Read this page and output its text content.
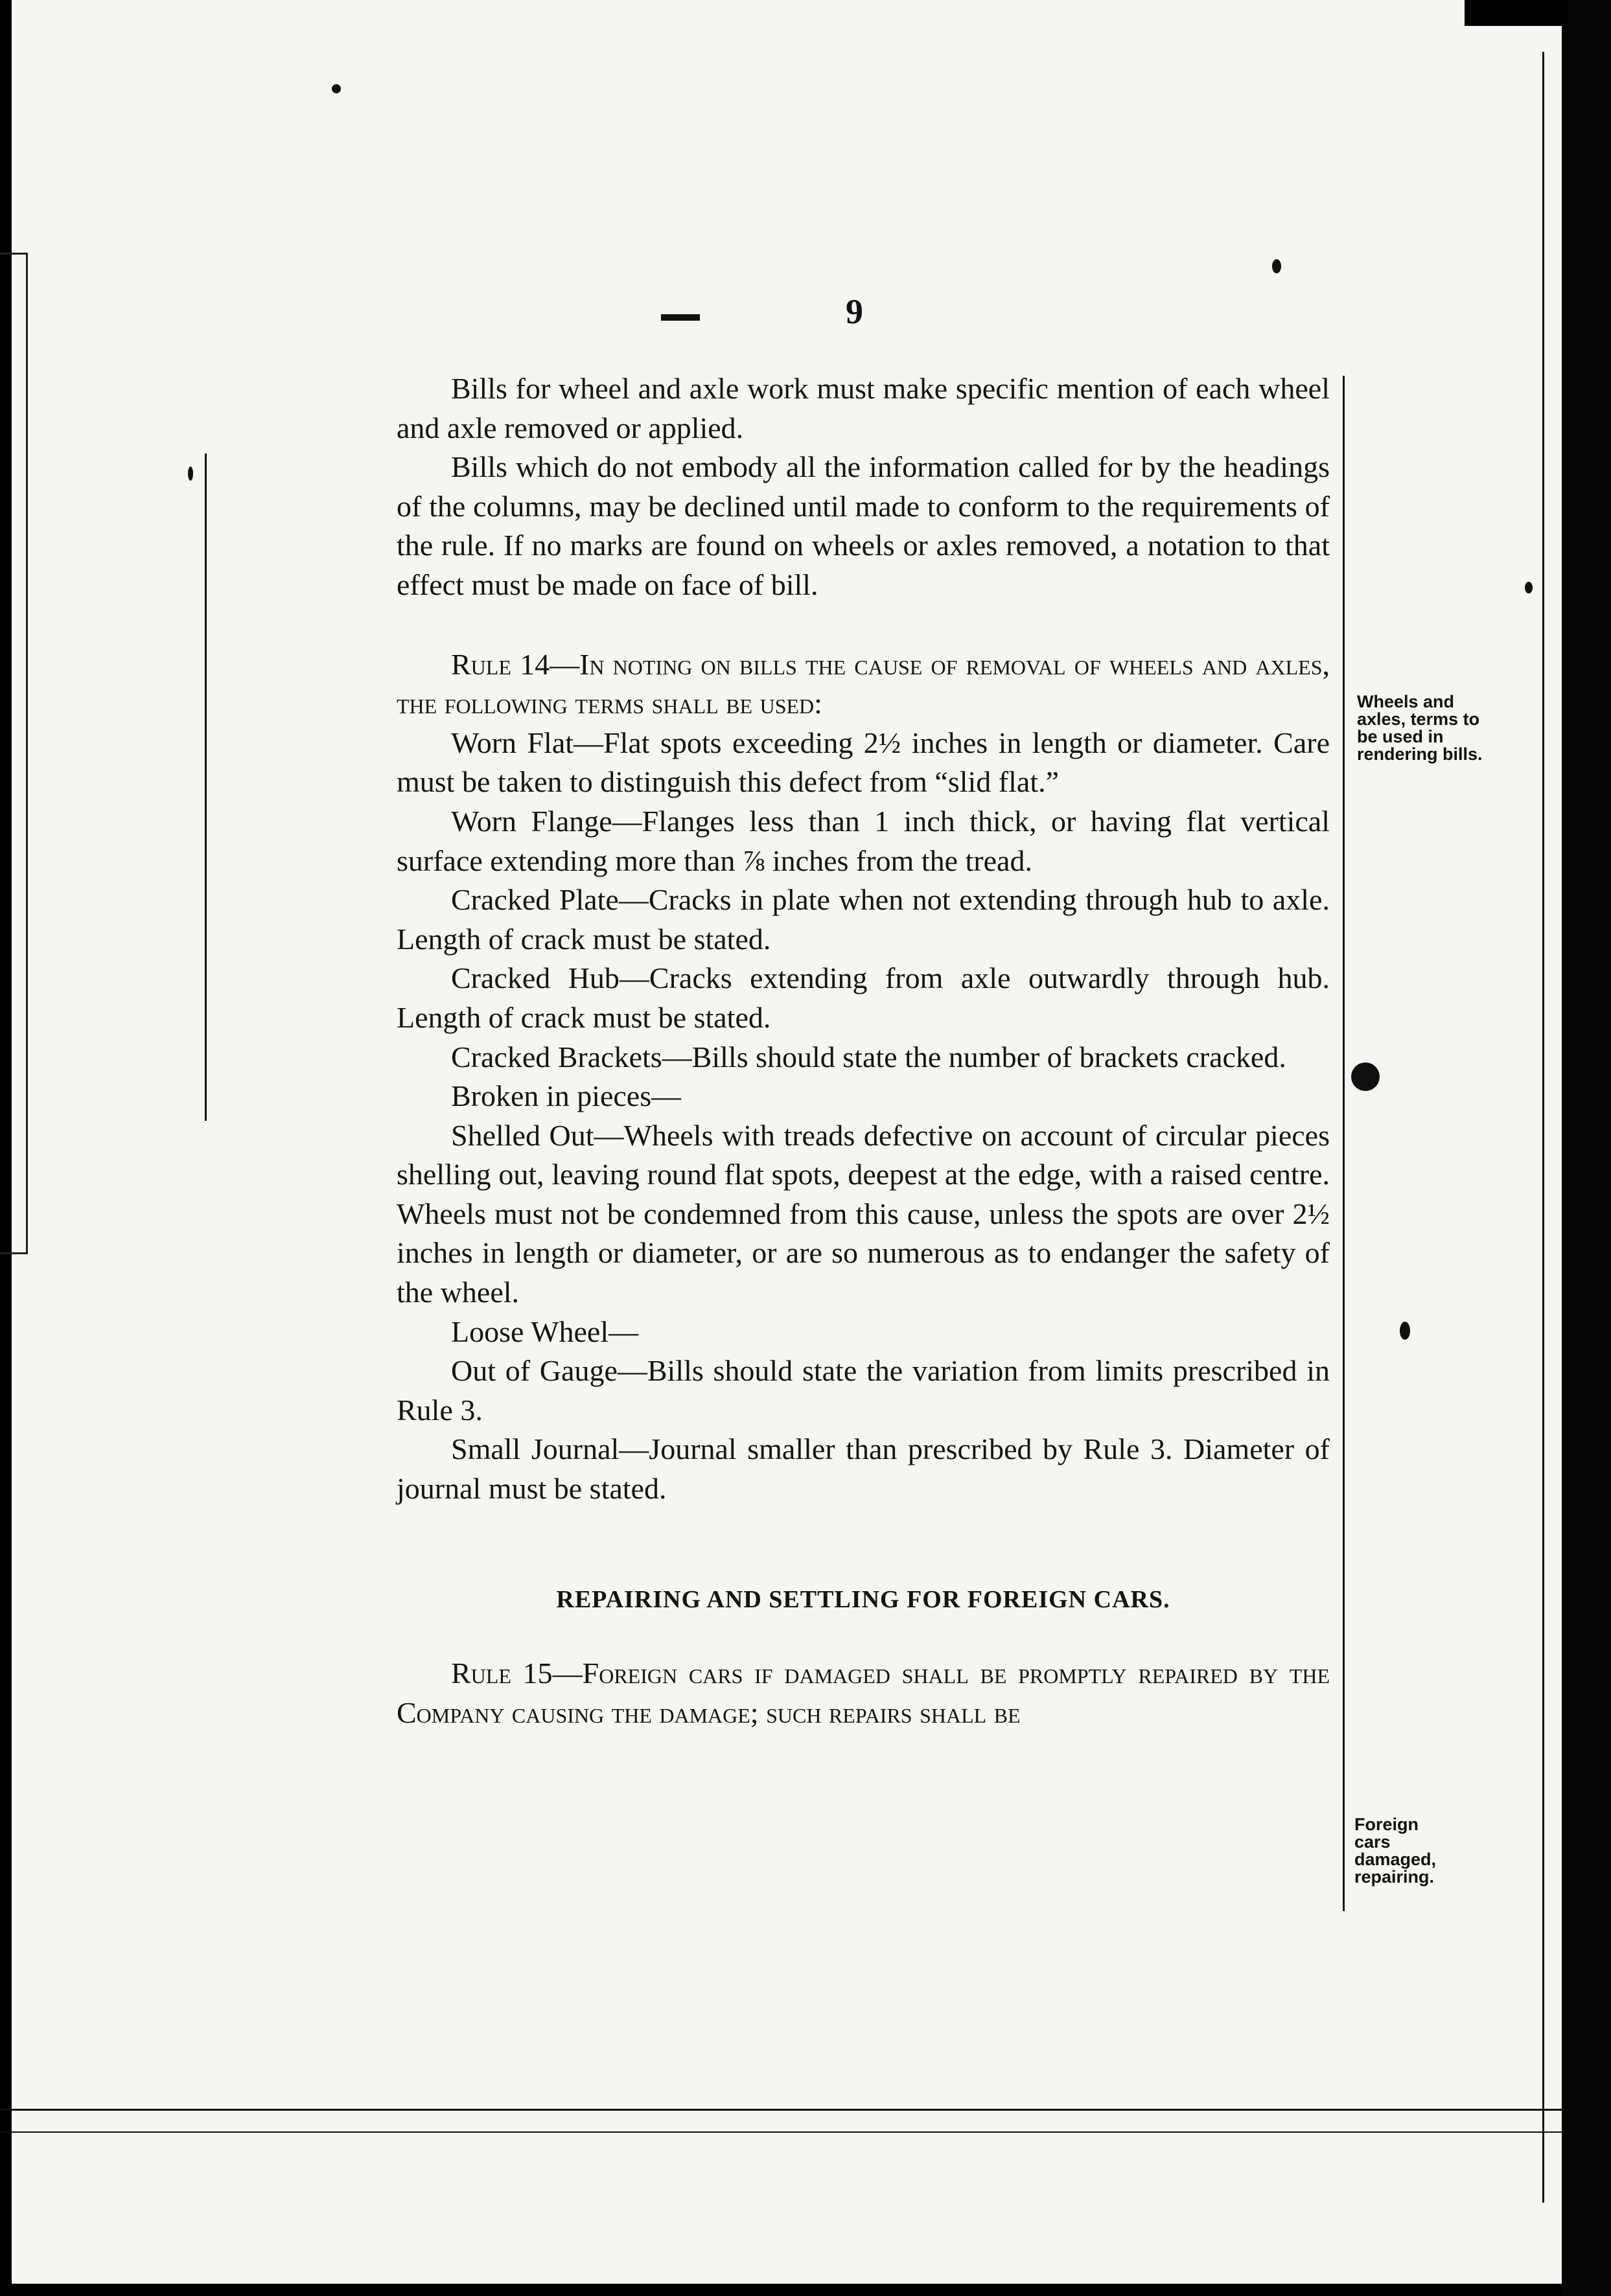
9

Bills for wheel and axle work must make specific mention of each wheel and axle removed or applied.

Bills which do not embody all the information called for by the headings of the columns, may be declined until made to conform to the requirements of the rule. If no marks are found on wheels or axles removed, a notation to that effect must be made on face of bill.

Rule 14—In noting on bills the cause of removal of wheels and axles, the following terms shall be used:

Worn Flat—Flat spots exceeding 2½ inches in length or diameter. Care must be taken to distinguish this defect from “slid flat.”

Worn Flange—Flanges less than 1 inch thick, or having flat vertical surface extending more than ⅞ inches from the tread.

Cracked Plate—Cracks in plate when not extending through hub to axle. Length of crack must be stated.

Cracked Hub—Cracks extending from axle outwardly through hub. Length of crack must be stated.

Cracked Brackets—Bills should state the number of brackets cracked.

Broken in pieces—

Shelled Out—Wheels with treads defective on account of circular pieces shelling out, leaving round flat spots, deepest at the edge, with a raised centre. Wheels must not be condemned from this cause, unless the spots are over 2½ inches in length or diameter, or are so numerous as to endanger the safety of the wheel.

Loose Wheel—

Out of Gauge—Bills should state the variation from limits prescribed in Rule 3.

Small Journal—Journal smaller than prescribed by Rule 3. Diameter of journal must be stated.

REPAIRING AND SETTLING FOR FOREIGN CARS.

Rule 15—Foreign cars if damaged shall be promptly repaired by the Company causing the damage; such repairs shall be

Wheels and axles, terms to be used in rendering bills.
Foreign cars damaged, repairing.
